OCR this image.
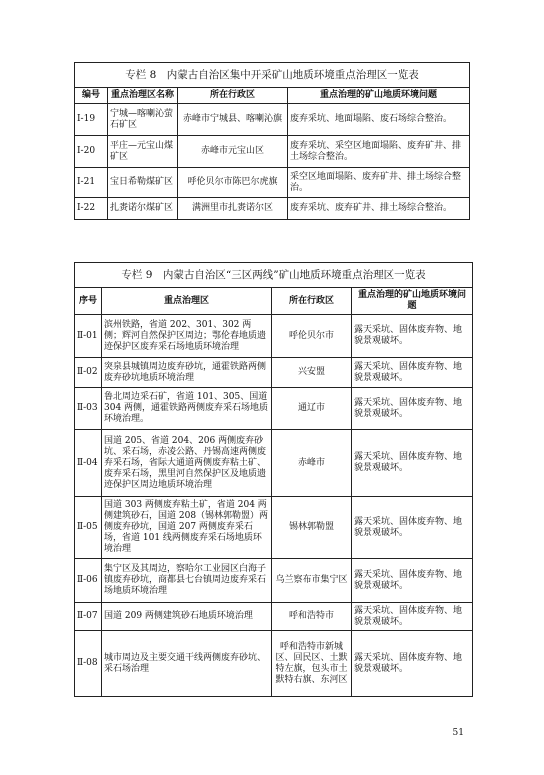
专栏 8　内蒙古自治区集中开采矿山地质环境重点治理区一览表			
编号	重点治理区名称	所在行政区	重点治理的矿山地质环境问题
Ⅰ-19	宁城—喀喇沁萤石矿区	赤峰市宁城县、喀喇沁旗	废弃采坑、地面塌陷、废石场综合整治。
Ⅰ-20	平庄—元宝山煤矿区	赤峰市元宝山区	废弃采坑、采空区地面塌陷、废弃矿井、排土场综合整治。
Ⅰ-21	宝日希勒煤矿区	呼伦贝尔市陈巴尔虎旗	采空区地面塌陷、废弃矿井、排土场综合整治。
Ⅰ-22	扎赉诺尔煤矿区	满洲里市扎赉诺尔区	废弃采坑、废弃矿井、排土场综合整治。
专栏 9　内蒙古自治区“三区两线”矿山地质环境重点治理区一览表			
序号	重点治理区	所在行政区	重点治理的矿山地质环境问题
Ⅱ-01	滨州铁路，省道 202、301、302 两侧；辉河自然保护区周边；鄂伦春地质遗迹保护区废弃采石场地质环境治理	呼伦贝尔市	露天采坑、固体废弃物、地貌景观破坏。
Ⅱ-02	突泉县城镇周边废弃砂坑，通霍铁路两侧废弃砂坑地质环境治理	兴安盟	露天采坑、固体废弃物、地貌景观破坏。
Ⅱ-03	鲁北周边采石矿，省道 101、305、国道 304 两侧，通霍铁路两侧废弃采石场地质环境治理。	通辽市	露天采坑、固体废弃物、地貌景观破坏。
Ⅱ-04	国道 205、省道 204、206 两侧废弃砂坑、采石场，赤凌公路、丹锡高速两侧废弃采石场，省际大通道两侧废弃粘土矿、废弃采石场，黑里河自然保护区及地质遗迹保护区周边地质环境治理	赤峰市	露天采坑、固体废弃物、地貌景观破坏。
Ⅱ-05	国道 303 两侧废弃粘土矿，省道 204 两侧建筑砂石，国道 208（锡林郭勒盟）两侧废弃砂坑，国道 207 两侧废弃采石场，省道 101 线两侧废弃采石场地质环境治理	锡林郭勒盟	露天采坑、固体废弃物、地貌景观破坏。
Ⅱ-06	集宁区及其周边，察哈尔工业园区白海子镇废弃砂坑，商都县七台镇周边废弃采石场地质环境治理	乌兰察布市集宁区	露天采坑、固体废弃物、地貌景观破坏。
Ⅱ-07	国道 209 两侧建筑砂石地质环境治理	呼和浩特市	露天采坑、固体废弃物、地貌景观破坏。
Ⅱ-08	城市周边及主要交通干线两侧废弃砂坑、采石场治理	呼和浩特市新城区、回民区、土默特左旗，包头市土默特右旗、东河区	露天采坑、固体废弃物、地貌景观破坏。
51
